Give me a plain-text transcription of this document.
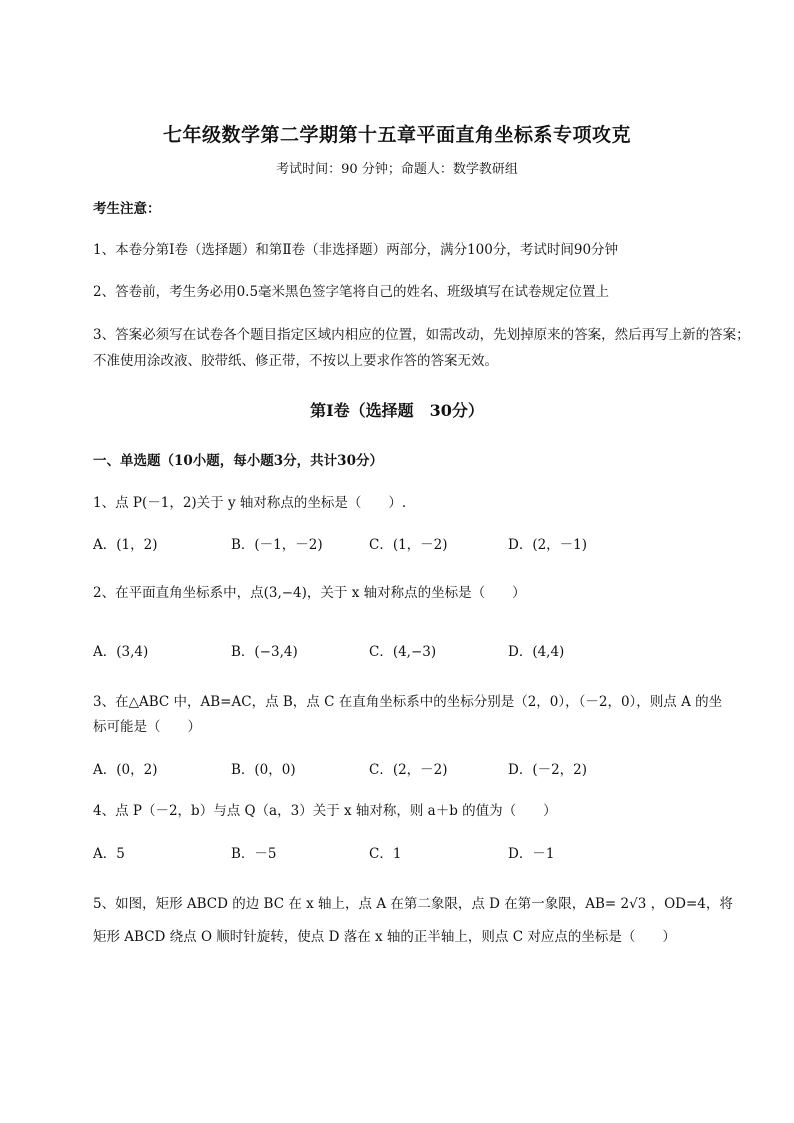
七年级数学第二学期第十五章平面直角坐标系专项攻克
考试时间：90 分钟；命题人：数学教研组
考生注意：
1、本卷分第Ⅰ卷（选择题）和第Ⅱ卷（非选择题）两部分，满分100分，考试时间90分钟
2、答卷前，考生务必用0.5毫米黑色签字笔将自己的姓名、班级填写在试卷规定位置上
3、答案必须写在试卷各个题目指定区域内相应的位置，如需改动，先划掉原来的答案，然后再写上新的答案；不准使用涂改液、胶带纸、修正带，不按以上要求作答的答案无效。
第Ⅰ卷（选择题　30分）
一、单选题（10小题，每小题3分，共计30分）
1、点 P(－1，2)关于 y 轴对称点的坐标是（　　）.
A．(1，2)	B．(－1，－2)	C．(1，－2)	D．(2，－1)
2、在平面直角坐标系中，点(3,−4)，关于 x 轴对称点的坐标是（　　）
A．(3,4)	B．(−3,4)	C．(4,−3)	D．(4,4)
3、在△ABC 中，AB=AC，点 B，点 C 在直角坐标系中的坐标分别是（2，0），（－2，0），则点 A 的坐
标可能是（　　）
A．(0，2)	B．(0，0)	C．(2，－2)	D．(－2，2)
4、点 P（－2，b）与点 Q（a，3）关于 x 轴对称，则 a＋b 的值为（　　）
A．5	B．－5	C．1	D．－1
5、如图，矩形 ABCD 的边 BC 在 x 轴上，点 A 在第二象限，点 D 在第一象限，AB= 2√3 ，OD=4，将
矩形 ABCD 绕点 O 顺时针旋转，使点 D 落在 x 轴的正半轴上，则点 C 对应点的坐标是（　　）
